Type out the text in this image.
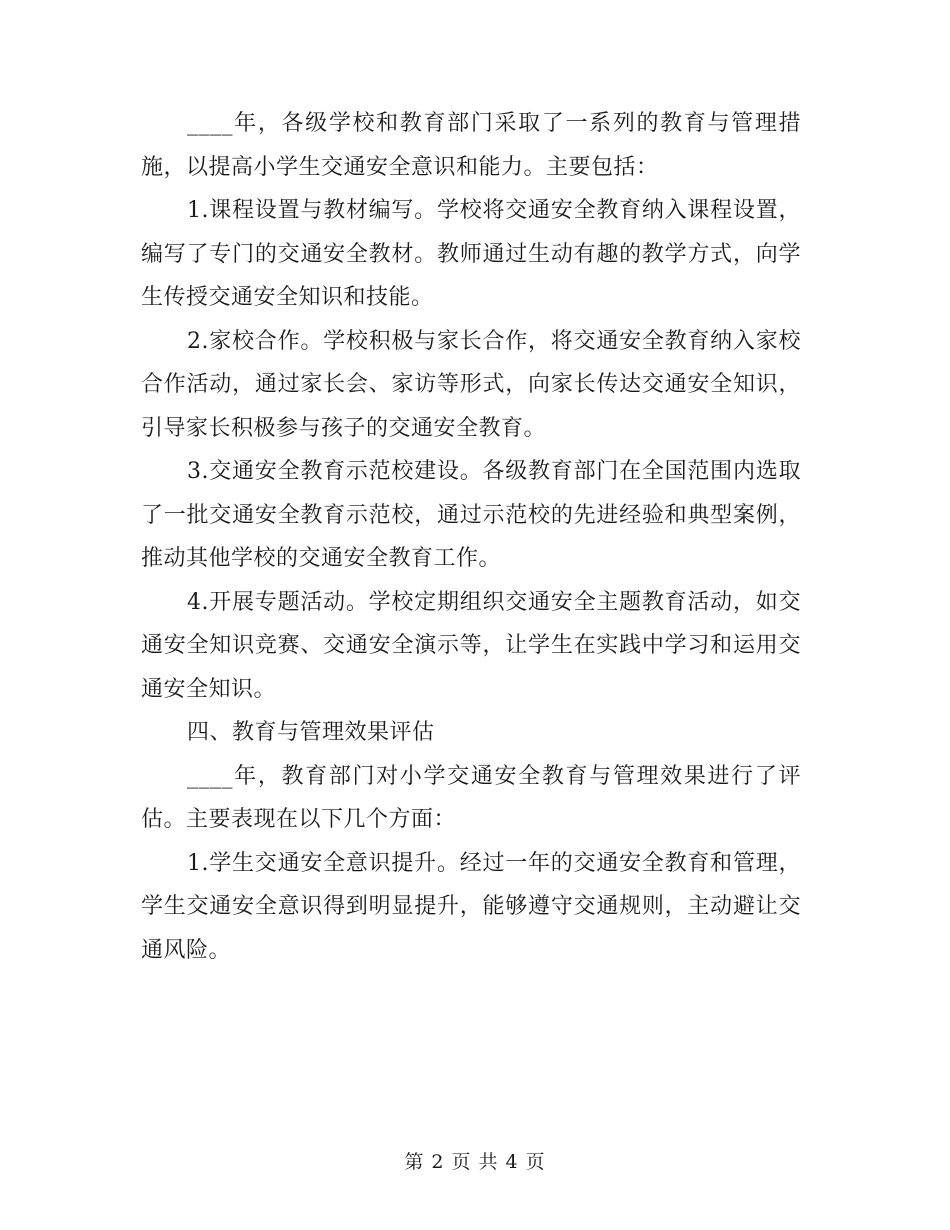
____年，各级学校和教育部门采取了一系列的教育与管理措施，以提高小学生交通安全意识和能力。主要包括：

1.课程设置与教材编写。学校将交通安全教育纳入课程设置，编写了专门的交通安全教材。教师通过生动有趣的教学方式，向学生传授交通安全知识和技能。

2.家校合作。学校积极与家长合作，将交通安全教育纳入家校合作活动，通过家长会、家访等形式，向家长传达交通安全知识，引导家长积极参与孩子的交通安全教育。

3.交通安全教育示范校建设。各级教育部门在全国范围内选取了一批交通安全教育示范校，通过示范校的先进经验和典型案例，推动其他学校的交通安全教育工作。

4.开展专题活动。学校定期组织交通安全主题教育活动，如交通安全知识竞赛、交通安全演示等，让学生在实践中学习和运用交通安全知识。

四、教育与管理效果评估

____年，教育部门对小学交通安全教育与管理效果进行了评估。主要表现在以下几个方面：

1.学生交通安全意识提升。经过一年的交通安全教育和管理，学生交通安全意识得到明显提升，能够遵守交通规则，主动避让交通风险。

第 2 页 共 4 页
